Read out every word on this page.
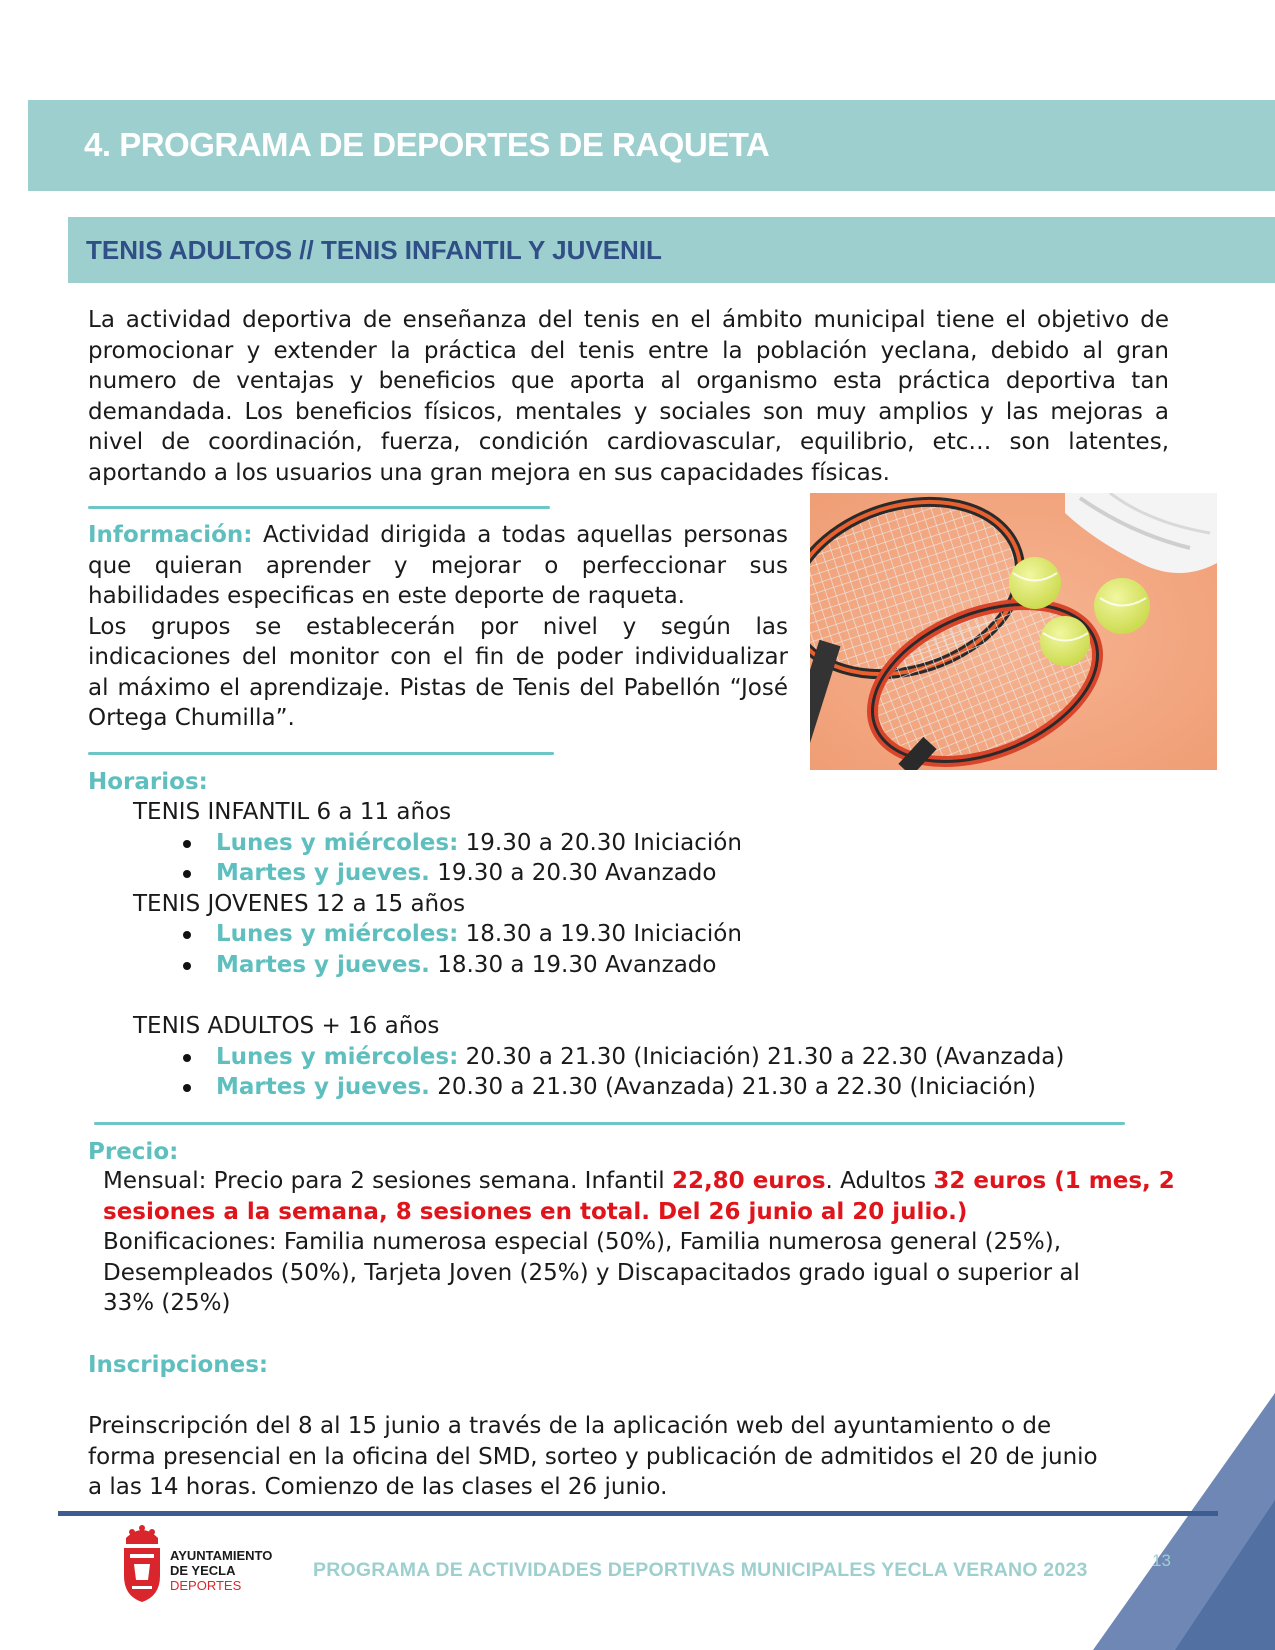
4. PROGRAMA DE DEPORTES DE RAQUETA
TENIS ADULTOS // TENIS INFANTIL Y JUVENIL
La actividad deportiva de enseñanza del tenis en el ámbito municipal tiene el objetivo de
promocionar y extender la práctica del tenis entre la población yeclana, debido al gran
numero de ventajas y beneficios que aporta al organismo esta práctica deportiva tan
demandada. Los beneficios físicos, mentales y sociales son muy amplios y las mejoras a
nivel de coordinación, fuerza, condición cardiovascular, equilibrio, etc… son latentes,
aportando a los usuarios una gran mejora en sus capacidades físicas.
Información: Actividad dirigida a todas aquellas personas
que quieran aprender y mejorar o perfeccionar sus
habilidades especificas en este deporte de raqueta.
Los grupos se establecerán por nivel y según las
indicaciones del monitor con el fin de poder individualizar
al máximo el aprendizaje. Pistas de Tenis del Pabellón “José
Ortega Chumilla”.
Horarios:
TENIS INFANTIL 6 a 11 años
Lunes y miércoles: 19.30 a 20.30 Iniciación
Martes y jueves. 19.30 a 20.30 Avanzado
TENIS JOVENES 12 a 15 años
Lunes y miércoles: 18.30 a 19.30 Iniciación
Martes y jueves. 18.30 a 19.30 Avanzado
TENIS ADULTOS + 16 años
Lunes y miércoles: 20.30 a 21.30 (Iniciación) 21.30 a 22.30 (Avanzada)
Martes y jueves. 20.30 a 21.30 (Avanzada) 21.30 a 22.30 (Iniciación)
Precio:
Mensual: Precio para 2 sesiones semana. Infantil 22,80 euros. Adultos 32 euros (1 mes, 2
sesiones a la semana, 8 sesiones en total. Del 26 junio al 20 julio.)
Bonificaciones: Familia numerosa especial (50%), Familia numerosa general (25%),
Desempleados (50%), Tarjeta Joven (25%) y Discapacitados grado igual o superior al
33% (25%)
Inscripciones:
Preinscripción del 8 al 15 junio a través de la aplicación web del ayuntamiento o de
forma presencial en la oficina del SMD, sorteo y publicación de admitidos el 20 de junio
a las 14 horas. Comienzo de las clases el 26 junio.
AYUNTAMIENTO
DE YECLA
DEPORTES
PROGRAMA DE ACTIVIDADES DEPORTIVAS MUNICIPALES YECLA VERANO 2023	13
